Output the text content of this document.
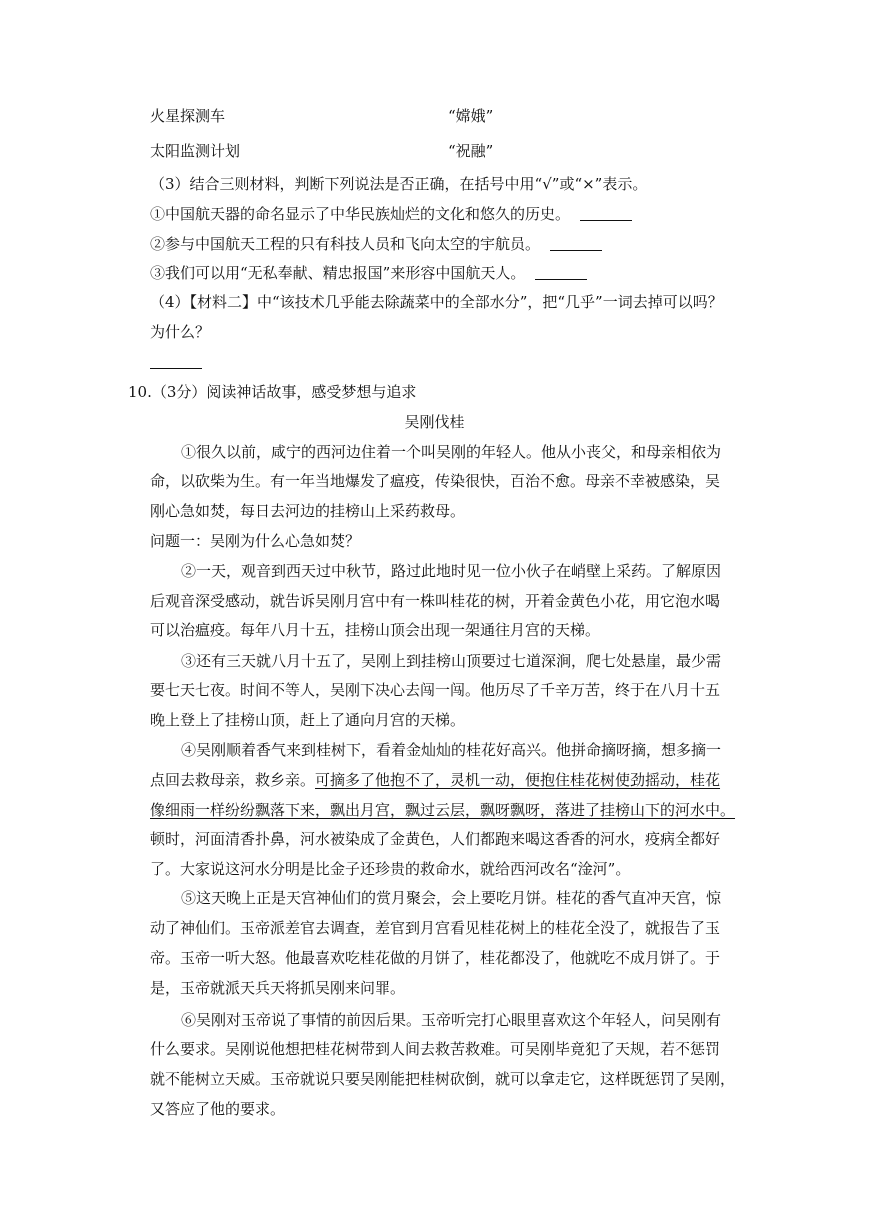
火星探测车	“嫦娥”
太阳监测计划	“祝融”
（3）结合三则材料，判断下列说法是否正确，在括号中用“√”或“×”表示。
①中国航天器的命名显示了中华民族灿烂的文化和悠久的历史。
②参与中国航天工程的只有科技人员和飞向太空的宇航员。
③我们可以用“无私奉献、精忠报国”来形容中国航天人。
（4）【材料二】中“该技术几乎能去除蔬菜中的全部水分”，把“几乎”一词去掉可以吗？
为什么？
10.（3分）阅读神话故事，感受梦想与追求
吴刚伐桂
①很久以前，咸宁的西河边住着一个叫吴刚的年轻人。他从小丧父，和母亲相依为
命，以砍柴为生。有一年当地爆发了瘟疫，传染很快，百治不愈。母亲不幸被感染，吴
刚心急如焚，每日去河边的挂榜山上采药救母。
问题一：吴刚为什么心急如焚？
②一天，观音到西天过中秋节，路过此地时见一位小伙子在峭壁上采药。了解原因
后观音深受感动，就告诉吴刚月宫中有一株叫桂花的树，开着金黄色小花，用它泡水喝
可以治瘟疫。每年八月十五，挂榜山顶会出现一架通往月宫的天梯。
③还有三天就八月十五了，吴刚上到挂榜山顶要过七道深涧，爬七处悬崖，最少需
要七天七夜。时间不等人，吴刚下决心去闯一闯。他历尽了千辛万苦，终于在八月十五
晚上登上了挂榜山顶，赶上了通向月宫的天梯。
④吴刚顺着香气来到桂树下，看着金灿灿的桂花好高兴。他拼命摘呀摘，想多摘一
点回去救母亲，救乡亲。可摘多了他抱不了，灵机一动，便抱住桂花树使劲摇动，桂花
像细雨一样纷纷飘落下来，飘出月宫，飘过云层，飘呀飘呀，落进了挂榜山下的河水中。
顿时，河面清香扑鼻，河水被染成了金黄色，人们都跑来喝这香香的河水，疫病全都好
了。大家说这河水分明是比金子还珍贵的救命水，就给西河改名“淦河”。
⑤这天晚上正是天宫神仙们的赏月聚会，会上要吃月饼。桂花的香气直冲天宫，惊
动了神仙们。玉帝派差官去调查，差官到月宫看见桂花树上的桂花全没了，就报告了玉
帝。玉帝一听大怒。他最喜欢吃桂花做的月饼了，桂花都没了，他就吃不成月饼了。于
是，玉帝就派天兵天将抓吴刚来问罪。
⑥吴刚对玉帝说了事情的前因后果。玉帝听完打心眼里喜欢这个年轻人，问吴刚有
什么要求。吴刚说他想把桂花树带到人间去救苦救难。可吴刚毕竟犯了天规，若不惩罚
就不能树立天威。玉帝就说只要吴刚能把桂树砍倒，就可以拿走它，这样既惩罚了吴刚，
又答应了他的要求。
